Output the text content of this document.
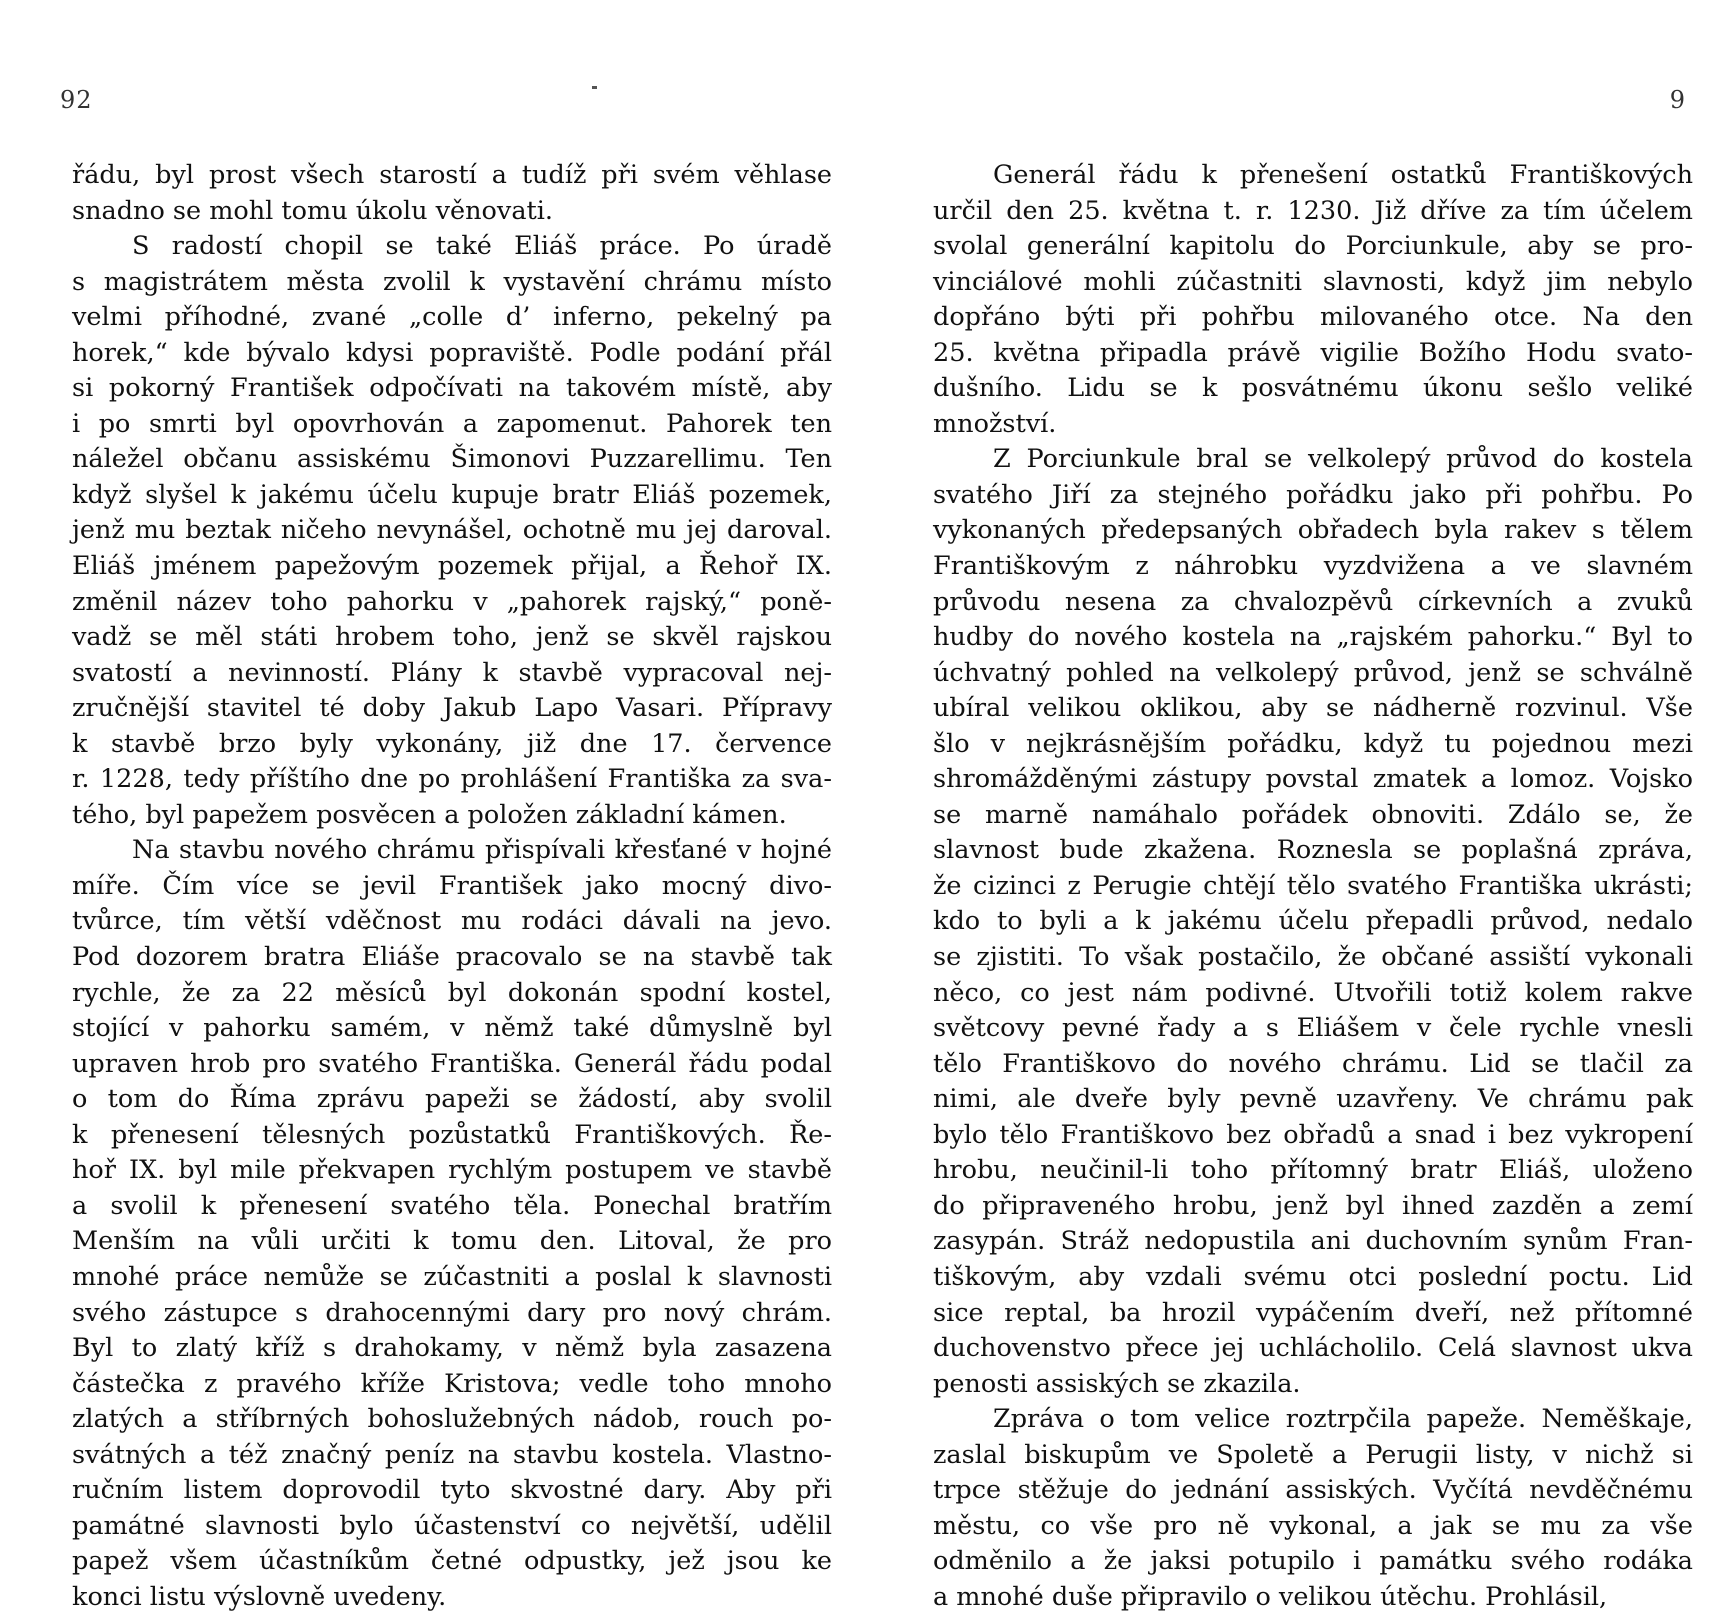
92

řádu, byl prost všech starostí a tudíž při svém věhlase
snadno se mohl tomu úkolu věnovati.

S radostí chopil se také Eliáš práce. Po úradě
s magistrátem města zvolil k vystavění chrámu místo
velmi příhodné, zvané „colle d’ inferno, pekelný pa
horek,“ kde bývalo kdysi popraviště. Podle podání přál
si pokorný František odpočívati na takovém místě, aby
i po smrti byl opovrhován a zapomenut. Pahorek ten
náležel občanu assiskému Šimonovi Puzzarellimu. Ten
když slyšel k jakému účelu kupuje bratr Eliáš pozemek,
jenž mu beztak ničeho nevynášel, ochotně mu jej daroval.
Eliáš jménem papežovým pozemek přijal, a Řehoř IX.
změnil název toho pahorku v „pahorek rajský,“ poně-
vadž se měl státi hrobem toho, jenž se skvěl rajskou
svatostí a nevinností. Plány k stavbě vypracoval nej-
zručnější stavitel té doby Jakub Lapo Vasari. Přípravy
k stavbě brzo byly vykonány, již dne 17. července
r. 1228, tedy příštího dne po prohlášení Františka za sva-
tého, byl papežem posvěcen a položen základní kámen.

Na stavbu nového chrámu přispívali křesťané v hojné
míře. Čím více se jevil František jako mocný divo-
tvůrce, tím větší vděčnost mu rodáci dávali na jevo.
Pod dozorem bratra Eliáše pracovalo se na stavbě tak
rychle, že za 22 měsíců byl dokonán spodní kostel,
stojící v pahorku samém, v němž také důmyslně byl
upraven hrob pro svatého Františka. Generál řádu podal
o tom do Říma zprávu papeži se žádostí, aby svolil
k přenesení tělesných pozůstatků Františkových. Ře-
hoř IX. byl mile překvapen rychlým postupem ve stavbě
a svolil k přenesení svatého těla. Ponechal bratřím
Menším na vůli určiti k tomu den. Litoval, že pro
mnohé práce nemůže se zúčastniti a poslal k slavnosti
svého zástupce s drahocennými dary pro nový chrám.
Byl to zlatý kříž s drahokamy, v němž byla zasazena
částečka z pravého kříže Kristova; vedle toho mnoho
zlatých a stříbrných bohoslužebných nádob, rouch po-
svátných a též značný peníz na stavbu kostela. Vlastno-
ručním listem doprovodil tyto skvostné dary. Aby při
památné slavnosti bylo účastenství co největší, udělil
papež všem účastníkům četné odpustky, jež jsou ke
konci listu výslovně uvedeny.

9

Generál řádu k přenešení ostatků Františkových
určil den 25. května t. r. 1230. Již dříve za tím účelem
svolal generální kapitolu do Porciunkule, aby se pro-
vinciálové mohli zúčastniti slavnosti, když jim nebylo
dopřáno býti při pohřbu milovaného otce. Na den
25. května připadla právě vigilie Božího Hodu svato-
dušního. Lidu se k posvátnému úkonu sešlo veliké
množství.

Z Porciunkule bral se velkolepý průvod do kostela
svatého Jiří za stejného pořádku jako při pohřbu. Po
vykonaných předepsaných obřadech byla rakev s tělem
Františkovým z náhrobku vyzdvižena a ve slavném
průvodu nesena za chvalozpěvů církevních a zvuků
hudby do nového kostela na „rajském pahorku.“ Byl to
úchvatný pohled na velkolepý průvod, jenž se schválně
ubíral velikou oklikou, aby se nádherně rozvinul. Vše
šlo v nejkrásnějším pořádku, když tu pojednou mezi
shromážděnými zástupy povstal zmatek a lomoz. Vojsko
se marně namáhalo pořádek obnoviti. Zdálo se, že
slavnost bude zkažena. Roznesla se poplašná zpráva,
že cizinci z Perugie chtějí tělo svatého Františka ukrásti;
kdo to byli a k jakému účelu přepadli průvod, nedalo
se zjistiti. To však postačilo, že občané assiští vykonali
něco, co jest nám podivné. Utvořili totiž kolem rakve
světcovy pevné řady a s Eliášem v čele rychle vnesli
tělo Františkovo do nového chrámu. Lid se tlačil za
nimi, ale dveře byly pevně uzavřeny. Ve chrámu pak
bylo tělo Františkovo bez obřadů a snad i bez vykropení
hrobu, neučinil-li toho přítomný bratr Eliáš, uloženo
do připraveného hrobu, jenž byl ihned zazděn a zemí
zasypán. Stráž nedopustila ani duchovním synům Fran-
tiškovým, aby vzdali svému otci poslední poctu. Lid
sice reptal, ba hrozil vypáčením dveří, než přítomné
duchovenstvo přece jej uchlácholilo. Celá slavnost ukva
penosti assiských se zkazila.

Zpráva o tom velice roztrpčila papeže. Neměškaje,
zaslal biskupům ve Spoletě a Perugii listy, v nichž si
trpce stěžuje do jednání assiských. Vyčítá nevděčnému
městu, co vše pro ně vykonal, a jak se mu za vše
odměnilo a že jaksi potupilo i památku svého rodáka
a mnohé duše připravilo o velikou útěchu. Prohlásil,
